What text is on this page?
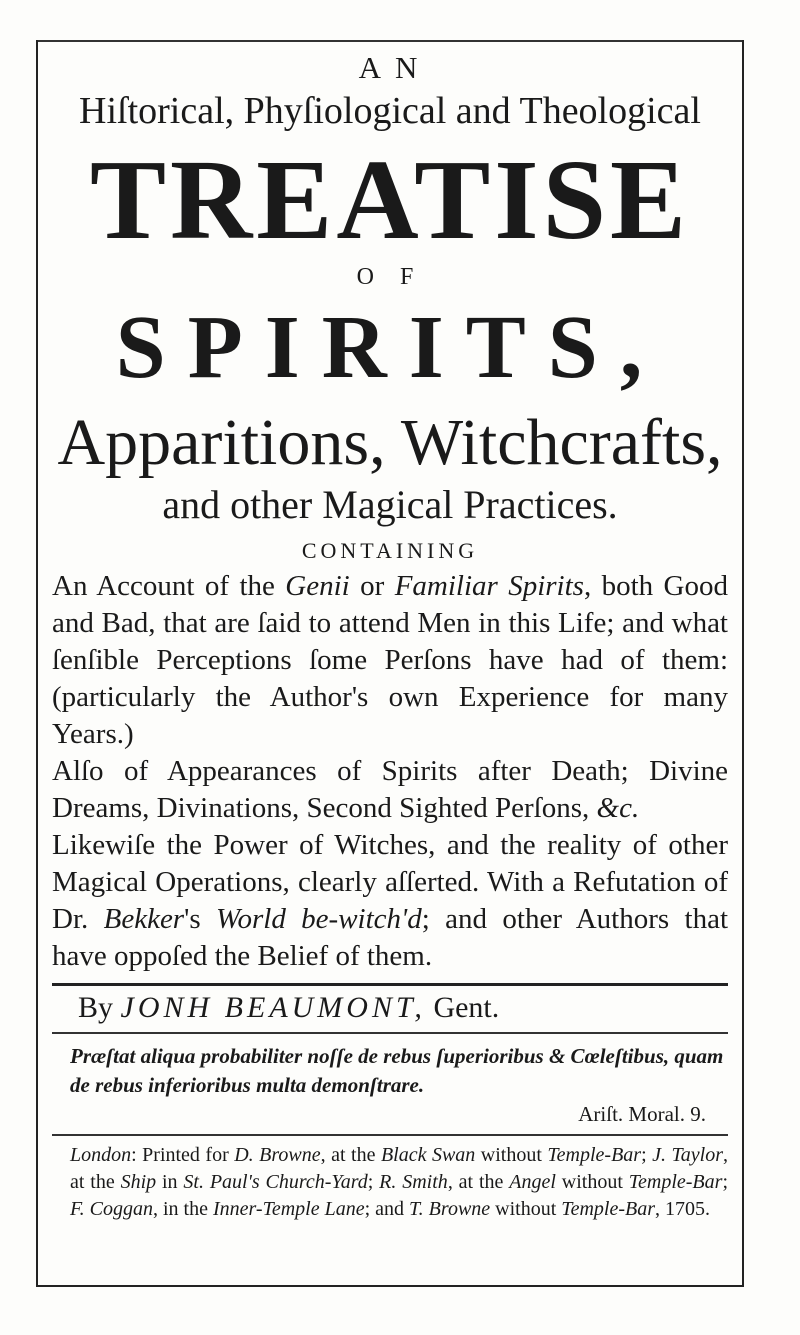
A N
Hiſtorical, Phyſiological and Theological
TREATISE
O F
SPIRITS,
Apparitions, Witchcrafts,
and other Magical Practices.
CONTAINING

An Account of the Genii or Familiar Spirits, both Good and Bad, that are ſaid to attend Men in this Life; and what ſenſible Perceptions ſome Perſons have had of them: (particularly the Author's own Experience for many Years.)

Alſo of Appearances of Spirits after Death; Divine Dreams, Divinations, Second Sighted Perſons, &c.

Likewiſe the Power of Witches, and the reality of other Magical Operations, clearly aſſerted. With a Refutation of Dr. Bekker's World be-witch'd; and other Authors that have oppoſed the Belief of them.

By JONH BEAUMONT, Gent.
Præſtat aliqua probabiliter noſſe de rebus ſuperioribus & Cœleſtibus, quam de rebus inferioribus multa demonſtrare.
Ariſt. Moral. 9.
London: Printed for D. Browne, at the Black Swan without Temple-Bar; J. Taylor, at the Ship in St. Paul's Church-Yard; R. Smith, at the Angel without Temple-Bar; F. Coggan, in the Inner-Temple Lane; and T. Browne without Temple-Bar, 1705.
